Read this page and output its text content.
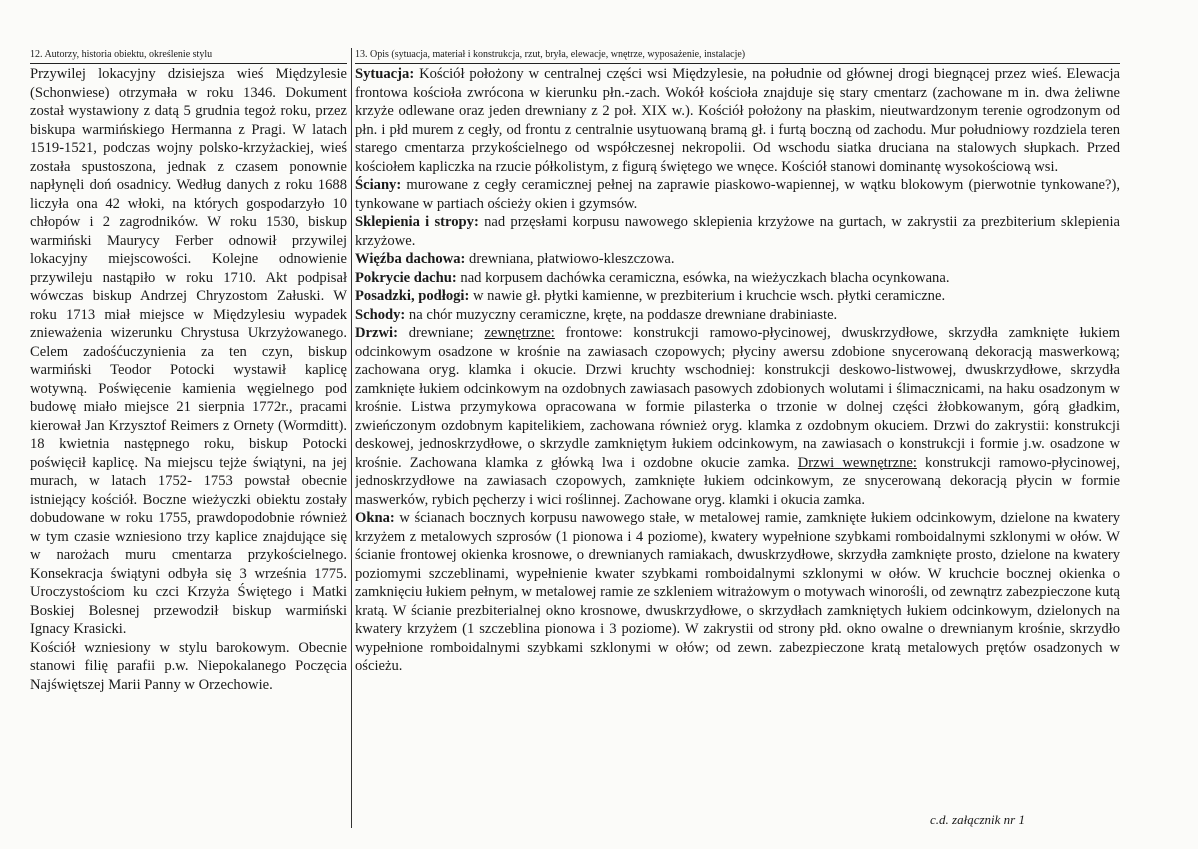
12. Autorzy, historia obiektu, określenie stylu

Przywilej lokacyjny dzisiejsza wieś Międzylesie (Schonwiese) otrzymała w roku 1346. Dokument został wystawiony z datą 5 grudnia tegoż roku, przez biskupa warmińskiego Hermanna z Pragi. W latach 1519-1521, podczas wojny polsko-krzyżackiej, wieś została spustoszona, jednak z czasem ponownie napłynęli doń osadnicy. Według danych z roku 1688 liczyła ona 42 włoki, na których gospodarzyło 10 chłopów i 2 zagrodników. W roku 1530, biskup warmiński Maurycy Ferber odnowił przywilej lokacyjny miejscowości. Kolejne odnowienie przywileju nastąpiło w roku 1710. Akt podpisał wówczas biskup Andrzej Chryzostom Załuski. W roku 1713 miał miejsce w Międzylesiu wypadek znieważenia wizerunku Chrystusa Ukrzyżowanego. Celem zadośćuczynienia za ten czyn, biskup warmiński Teodor Potocki wystawił kaplicę wotywną. Poświęcenie kamienia węgielnego pod budowę miało miejsce 21 sierpnia 1772r., pracami kierował Jan Krzysztof Reimers z Ornety (Wormditt). 18 kwietnia następnego roku, biskup Potocki poświęcił kaplicę. Na miejscu tejże świątyni, na jej murach, w latach 1752- 1753 powstał obecnie istniejący kościół. Boczne wieżyczki obiektu zostały dobudowane w roku 1755, prawdopodobnie również w tym czasie wzniesiono trzy kaplice znajdujące się w narożach muru cmentarza przykościelnego. Konsekracja świątyni odbyła się 3 września 1775. Uroczystościom ku czci Krzyża Świętego i Matki Boskiej Bolesnej przewodził biskup warmiński Ignacy Krasicki.

Kościół wzniesiony w stylu barokowym. Obecnie stanowi filię parafii p.w. Niepokalanego Poczęcia Najświętszej Marii Panny w Orzechowie.

13. Opis (sytuacja, materiał i konstrukcja, rzut, bryła, elewacje, wnętrze, wyposażenie, instalacje)

Sytuacja: Kościół położony w centralnej części wsi Międzylesie, na południe od głównej drogi biegnącej przez wieś. Elewacja frontowa kościoła zwrócona w kierunku płn.-zach. Wokół kościoła znajduje się stary cmentarz (zachowane m in. dwa żeliwne krzyże odlewane oraz jeden drewniany z 2 poł. XIX w.). Kościół położony na płaskim, nieutwardzonym terenie ogrodzonym od płn. i płd murem z cegły, od frontu z centralnie usytuowaną bramą gł. i furtą boczną od zachodu. Mur południowy rozdziela teren starego cmentarza przykościelnego od współczesnej nekropolii. Od wschodu siatka druciana na stalowych słupkach. Przed kościołem kapliczka na rzucie półkolistym, z figurą świętego we wnęce. Kościół stanowi dominantę wysokościową wsi.

Ściany: murowane z cegły ceramicznej pełnej na zaprawie piaskowo-wapiennej, w wątku blokowym (pierwotnie tynkowane?), tynkowane w partiach ościeży okien i gzymsów.

Sklepienia i stropy: nad przęsłami korpusu nawowego sklepienia krzyżowe na gurtach, w zakrystii za prezbiterium sklepienia krzyżowe.

Więźba dachowa: drewniana, płatwiowo-kleszczowa.

Pokrycie dachu: nad korpusem dachówka ceramiczna, esówka, na wieżyczkach blacha ocynkowana.

Posadzki, podłogi: w nawie gł. płytki kamienne, w prezbiterium i kruchcie wsch. płytki ceramiczne.

Schody: na chór muzyczny ceramiczne, kręte, na poddasze drewniane drabiniaste.

Drzwi: drewniane; zewnętrzne: frontowe: konstrukcji ramowo-płycinowej, dwuskrzydłowe, skrzydła zamknięte łukiem odcinkowym osadzone w krośnie na zawiasach czopowych; płyciny awersu zdobione snycerowaną dekoracją maswerkową; zachowana oryg. klamka i okucie. Drzwi kruchty wschodniej: konstrukcji deskowo-listwowej, dwuskrzydłowe, skrzydła zamknięte łukiem odcinkowym na ozdobnych zawiasach pasowych zdobionych wolutami i ślimacznicami, na haku osadzonym w krośnie. Listwa przymykowa opracowana w formie pilasterka o trzonie w dolnej części żłobkowanym, górą gładkim, zwieńczonym ozdobnym kapitelikiem, zachowana również oryg. klamka z ozdobnym okuciem. Drzwi do zakrystii: konstrukcji deskowej, jednoskrzydłowe, o skrzydle zamkniętym łukiem odcinkowym, na zawiasach o konstrukcji i formie j.w. osadzone w krośnie. Zachowana klamka z główką lwa i ozdobne okucie zamka. Drzwi wewnętrzne: konstrukcji ramowo-płycinowej, jednoskrzydłowe na zawiasach czopowych, zamknięte łukiem odcinkowym, ze snycerowaną dekoracją płycin w formie maswerków, rybich pęcherzy i wici roślinnej. Zachowane oryg. klamki i okucia zamka.

Okna: w ścianach bocznych korpusu nawowego stałe, w metalowej ramie, zamknięte łukiem odcinkowym, dzielone na kwatery krzyżem z metalowych szprosów (1 pionowa i 4 poziome), kwatery wypełnione szybkami romboidalnymi szklonymi w ołów. W ścianie frontowej okienka krosnowe, o drewnianych ramiakach, dwuskrzydłowe, skrzydła zamknięte prosto, dzielone na kwatery poziomymi szczeblinami, wypełnienie kwater szybkami romboidalnymi szklonymi w ołów. W kruchcie bocznej okienka o zamknięciu łukiem pełnym, w metalowej ramie ze szkleniem witrażowym o motywach winorośli, od zewnątrz zabezpieczone kutą kratą. W ścianie prezbiterialnej okno krosnowe, dwuskrzydłowe, o skrzydłach zamkniętych łukiem odcinkowym, dzielonych na kwatery krzyżem (1 szczeblina pionowa i 3 poziome). W zakrystii od strony płd. okno owalne o drewnianym krośnie, skrzydło wypełnione romboidalnymi szybkami szklonymi w ołów; od zewn. zabezpieczone kratą metalowych prętów osadzonych w ościeżu.

c.d. załącznik nr 1
